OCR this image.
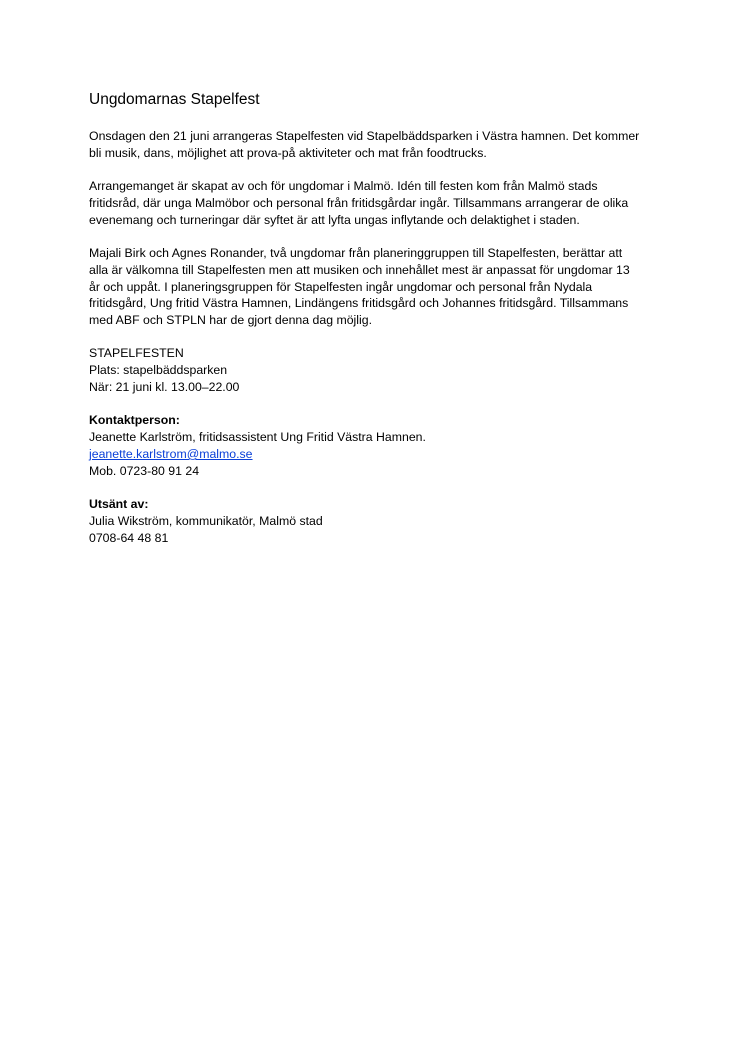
Ungdomarnas Stapelfest
Onsdagen den 21 juni arrangeras Stapelfesten vid Stapelbäddsparken i Västra hamnen. Det kommer
bli musik, dans, möjlighet att prova-på aktiviteter och mat från foodtrucks.
Arrangemanget är skapat av och för ungdomar i Malmö. Idén till festen kom från Malmö stads
fritidsråd, där unga Malmöbor och personal från fritidsgårdar ingår. Tillsammans arrangerar de olika
evenemang och turneringar där syftet är att lyfta ungas inflytande och delaktighet i staden.
Majali Birk och Agnes Ronander, två ungdomar från planeringgruppen till Stapelfesten, berättar att
alla är välkomna till Stapelfesten men att musiken och innehållet mest är anpassat för ungdomar 13
år och uppåt. I planeringsgruppen för Stapelfesten ingår ungdomar och personal från Nydala
fritidsgård, Ung fritid Västra Hamnen, Lindängens fritidsgård och Johannes fritidsgård. Tillsammans
med ABF och STPLN har de gjort denna dag möjlig.
STAPELFESTEN
Plats: stapelbäddsparken
När: 21 juni kl. 13.00–22.00
Kontaktperson:
Jeanette Karlström, fritidsassistent Ung Fritid Västra Hamnen.
jeanette.karlstrom@malmo.se
Mob. 0723-80 91 24
Utsänt av:
Julia Wikström, kommunikatör, Malmö stad
0708-64 48 81
